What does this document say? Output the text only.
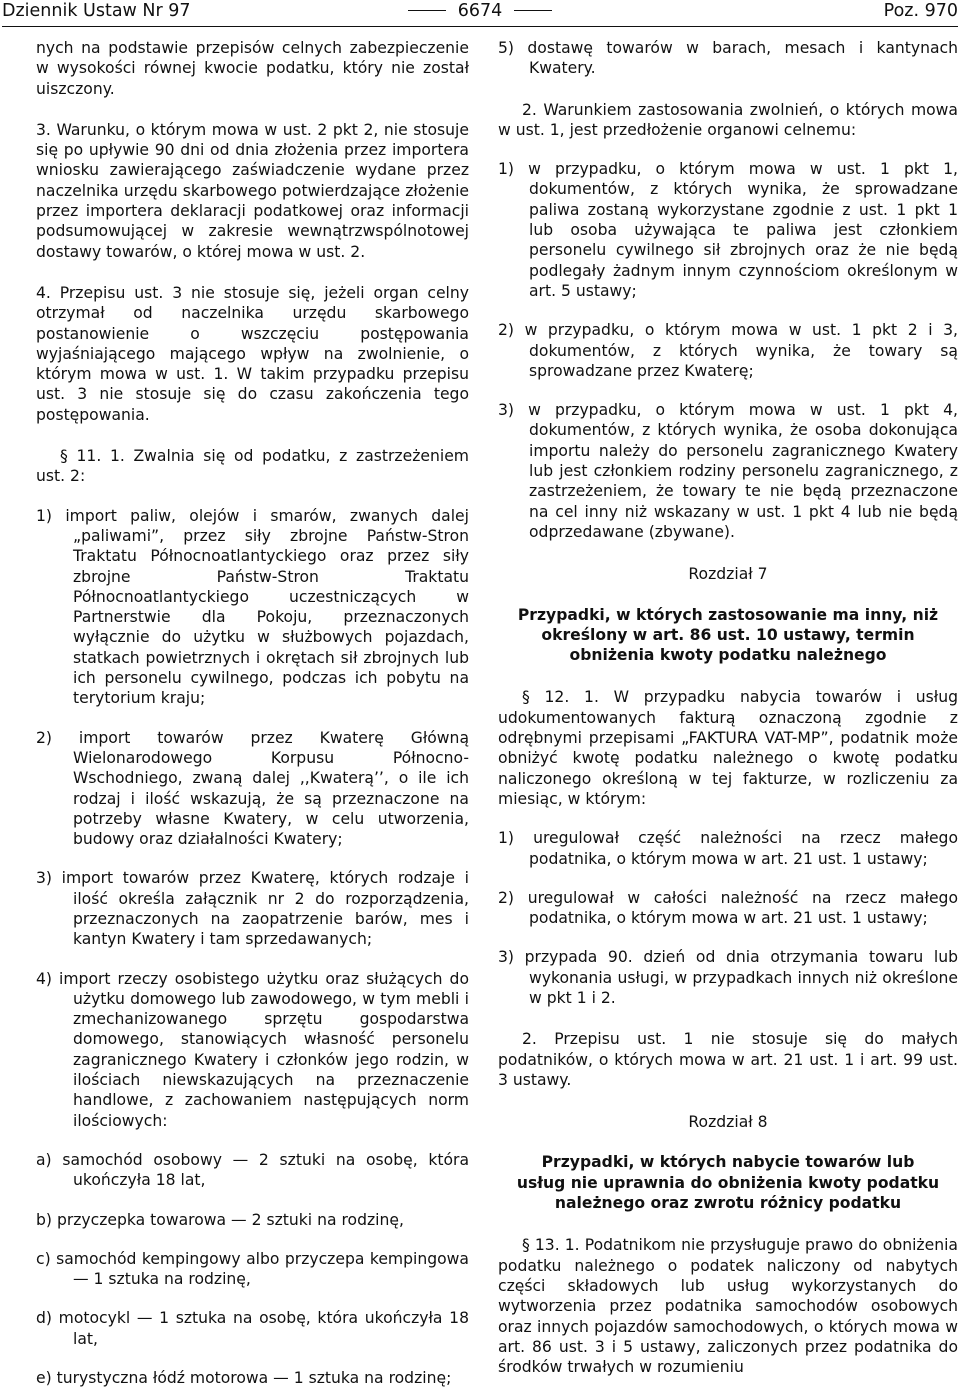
Dziennik Ustaw Nr 97	6674	Poz. 970

nych na podstawie przepisów celnych zabezpieczenie w wysokości równej kwocie podatku, który nie został uiszczony.

3. Warunku, o którym mowa w ust. 2 pkt 2, nie stosuje się po upływie 90 dni od dnia złożenia przez importera wniosku zawierającego zaświadczenie wydane przez naczelnika urzędu skarbowego potwierdzające złożenie przez importera deklaracji podatkowej oraz informacji podsumowującej w zakresie wewnątrzwspólnotowej dostawy towarów, o której mowa w ust. 2.

4. Przepisu ust. 3 nie stosuje się, jeżeli organ celny otrzymał od naczelnika urzędu skarbowego postanowienie o wszczęciu postępowania wyjaśniającego mającego wpływ na zwolnienie, o którym mowa w ust. 1. W takim przypadku przepisu ust. 3 nie stosuje się do czasu zakończenia tego postępowania.

§ 11. 1. Zwalnia się od podatku, z zastrzeżeniem ust. 2:

1) import paliw, olejów i smarów, zwanych dalej „paliwami”, przez siły zbrojne Państw-Stron Traktatu Północnoatlantyckiego oraz przez siły zbrojne Państw-Stron Traktatu Północnoatlantyckiego uczestniczących w Partnerstwie dla Pokoju, przeznaczonych wyłącznie do użytku w służbowych pojazdach, statkach powietrznych i okrętach sił zbrojnych lub ich personelu cywilnego, podczas ich pobytu na terytorium kraju;

2) import towarów przez Kwaterę Główną Wielonarodowego Korpusu Północno-Wschodniego, zwaną dalej ,,Kwaterą’’, o ile ich rodzaj i ilość wskazują, że są przeznaczone na potrzeby własne Kwatery, w celu utworzenia, budowy oraz działalności Kwatery;

3) import towarów przez Kwaterę, których rodzaje i ilość określa załącznik nr 2 do rozporządzenia, przeznaczonych na zaopatrzenie barów, mes i kantyn Kwatery i tam sprzedawanych;

4) import rzeczy osobistego użytku oraz służących do użytku domowego lub zawodowego, w tym mebli i zmechanizowanego sprzętu gospodarstwa domowego, stanowiących własność personelu zagranicznego Kwatery i członków jego rodzin, w ilościach niewskazujących na przeznaczenie handlowe, z zachowaniem następujących norm ilościowych:

a) samochód osobowy — 2 sztuki na osobę, która ukończyła 18 lat,

b) przyczepka towarowa — 2 sztuki na rodzinę,

c) samochód kempingowy albo przyczepa kempingowa — 1 sztuka na rodzinę,

d) motocykl — 1 sztuka na osobę, która ukończyła 18 lat,

e) turystyczna łódź motorowa — 1 sztuka na rodzinę;

5) dostawę towarów w barach, mesach i kantynach Kwatery.

2. Warunkiem zastosowania zwolnień, o których mowa w ust. 1, jest przedłożenie organowi celnemu:

1) w przypadku, o którym mowa w ust. 1 pkt 1, dokumentów, z których wynika, że sprowadzane paliwa zostaną wykorzystane zgodnie z ust. 1 pkt 1 lub osoba używająca te paliwa jest członkiem personelu cywilnego sił zbrojnych oraz że nie będą podlegały żadnym innym czynnościom określonym w art. 5 ustawy;

2) w przypadku, o którym mowa w ust. 1 pkt 2 i 3, dokumentów, z których wynika, że towary są sprowadzane przez Kwaterę;

3) w przypadku, o którym mowa w ust. 1 pkt 4, dokumentów, z których wynika, że osoba dokonująca importu należy do personelu zagranicznego Kwatery lub jest członkiem rodziny personelu zagranicznego, z zastrzeżeniem, że towary te nie będą przeznaczone na cel inny niż wskazany w ust. 1 pkt 4 lub nie będą odprzedawane (zbywane).

Rozdział 7

Przypadki, w których zastosowanie ma inny, niż określony w art. 86 ust. 10 ustawy, termin obniżenia kwoty podatku należnego

§ 12. 1. W przypadku nabycia towarów i usług udokumentowanych fakturą oznaczoną zgodnie z odrębnymi przepisami „FAKTURA VAT-MP”, podatnik może obniżyć kwotę podatku należnego o kwotę podatku naliczonego określoną w tej fakturze, w rozliczeniu za miesiąc, w którym:

1) uregulował część należności na rzecz małego podatnika, o którym mowa w art. 21 ust. 1 ustawy;

2) uregulował w całości należność na rzecz małego podatnika, o którym mowa w art. 21 ust. 1 ustawy;

3) przypada 90. dzień od dnia otrzymania towaru lub wykonania usługi, w przypadkach innych niż określone w pkt 1 i 2.

2. Przepisu ust. 1 nie stosuje się do małych podatników, o których mowa w art. 21 ust. 1 i art. 99 ust. 3 ustawy.

Rozdział 8

Przypadki, w których nabycie towarów lub usług nie uprawnia do obniżenia kwoty podatku należnego oraz zwrotu różnicy podatku

§ 13. 1. Podatnikom nie przysługuje prawo do obniżenia podatku należnego o podatek naliczony od nabytych części składowych lub usług wykorzystanych do wytworzenia przez podatnika samochodów osobowych oraz innych pojazdów samochodowych, o których mowa w art. 86 ust. 3 i 5 ustawy, zaliczonych przez podatnika do środków trwałych w rozumieniu
